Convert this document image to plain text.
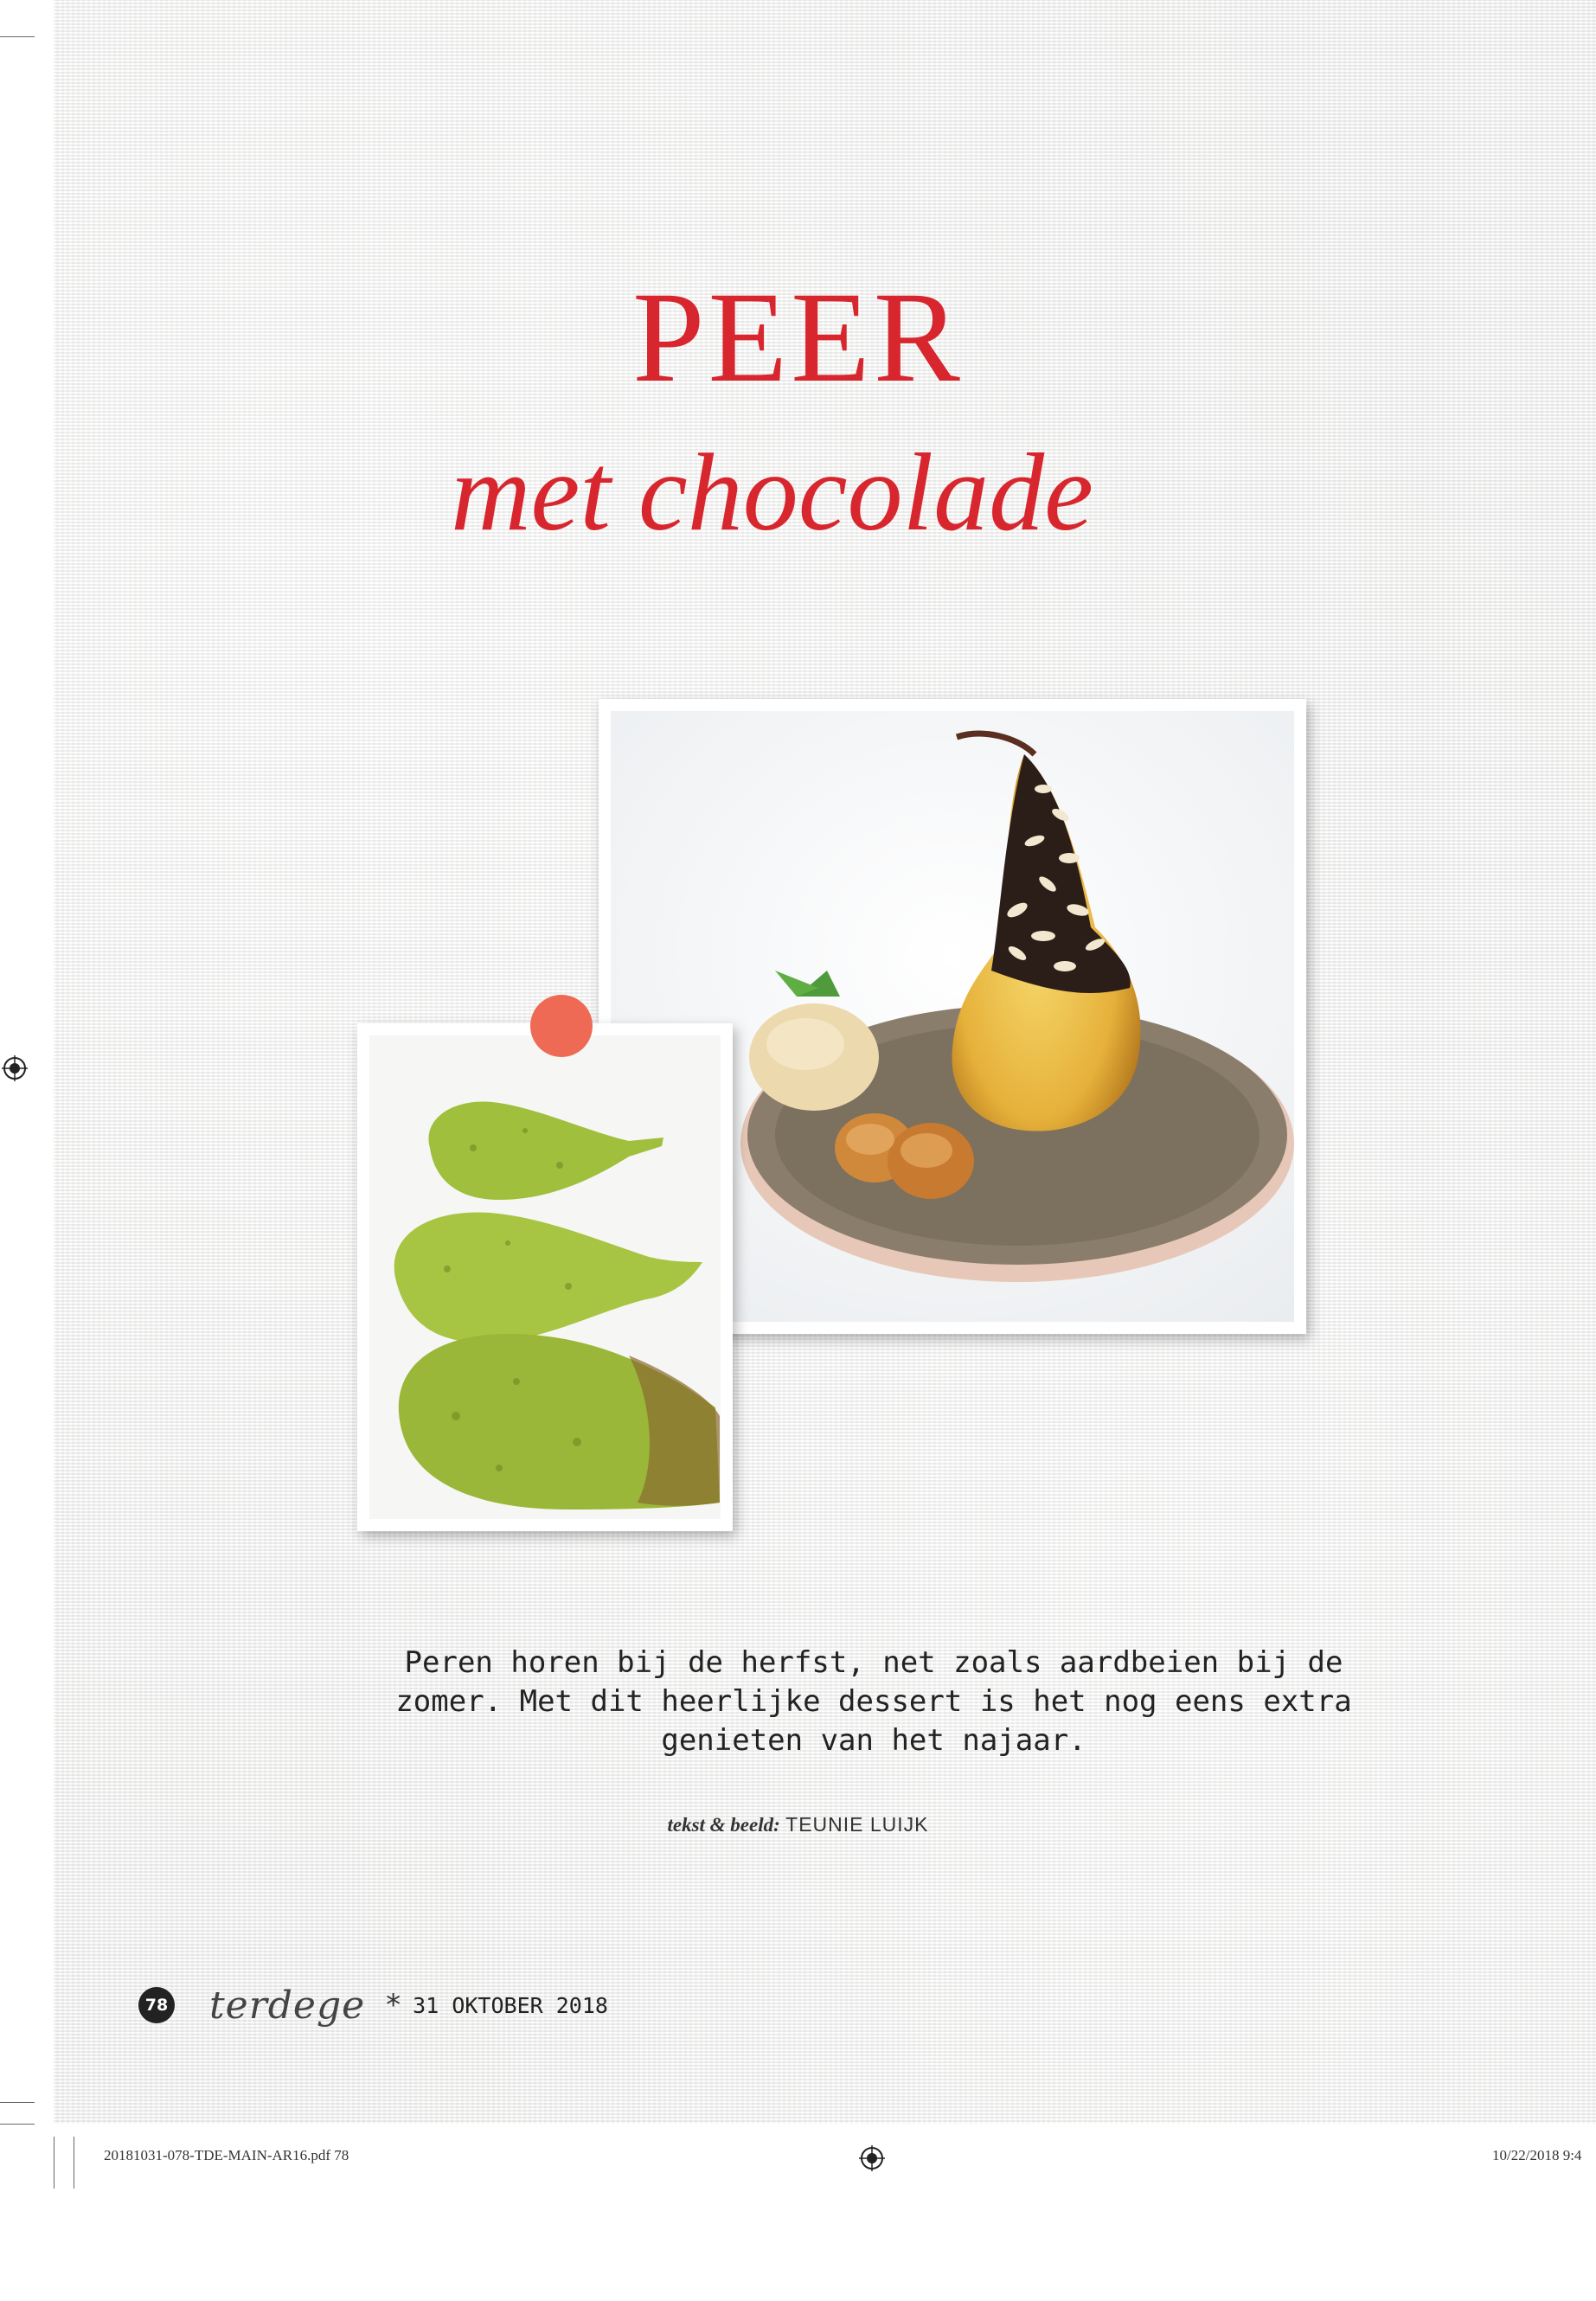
PEER
met chocolade
Peren horen bij de herfst, net zoals aardbeien bij de zomer. Met dit heerlijke dessert is het nog eens extra genieten van het najaar.
tekst & beeld: TEUNIE LUIJK
78 terdege * 31 OKTOBER 2018
20181031-078-TDE-MAIN-AR16.pdf 78	10/22/2018 9:4
